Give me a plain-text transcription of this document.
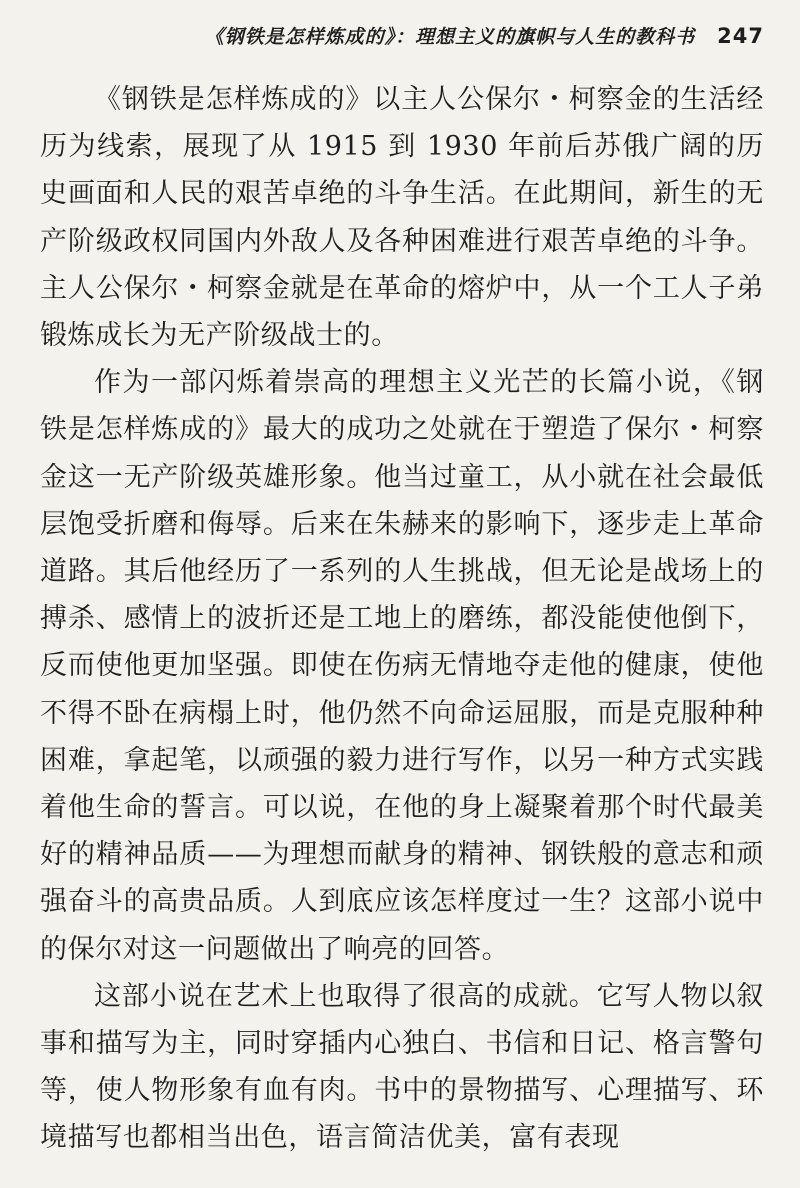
《钢铁是怎样炼成的》：理想主义的旗帜与人生的教科书 247

《钢铁是怎样炼成的》以主人公保尔・柯察金的生活经历为线索，展现了从 1915 到 1930 年前后苏俄广阔的历史画面和人民的艰苦卓绝的斗争生活。在此期间，新生的无产阶级政权同国内外敌人及各种困难进行艰苦卓绝的斗争。主人公保尔・柯察金就是在革命的熔炉中，从一个工人子弟锻炼成长为无产阶级战士的。

作为一部闪烁着崇高的理想主义光芒的长篇小说，《钢铁是怎样炼成的》最大的成功之处就在于塑造了保尔・柯察金这一无产阶级英雄形象。他当过童工，从小就在社会最低层饱受折磨和侮辱。后来在朱赫来的影响下，逐步走上革命道路。其后他经历了一系列的人生挑战，但无论是战场上的搏杀、感情上的波折还是工地上的磨练，都没能使他倒下，反而使他更加坚强。即使在伤病无情地夺走他的健康，使他不得不卧在病榻上时，他仍然不向命运屈服，而是克服种种困难，拿起笔，以顽强的毅力进行写作，以另一种方式实践着他生命的誓言。可以说，在他的身上凝聚着那个时代最美好的精神品质——为理想而献身的精神、钢铁般的意志和顽强奋斗的高贵品质。人到底应该怎样度过一生？这部小说中的保尔对这一问题做出了响亮的回答。

这部小说在艺术上也取得了很高的成就。它写人物以叙事和描写为主，同时穿插内心独白、书信和日记、格言警句等，使人物形象有血有肉。书中的景物描写、心理描写、环境描写也都相当出色，语言简洁优美，富有表现
